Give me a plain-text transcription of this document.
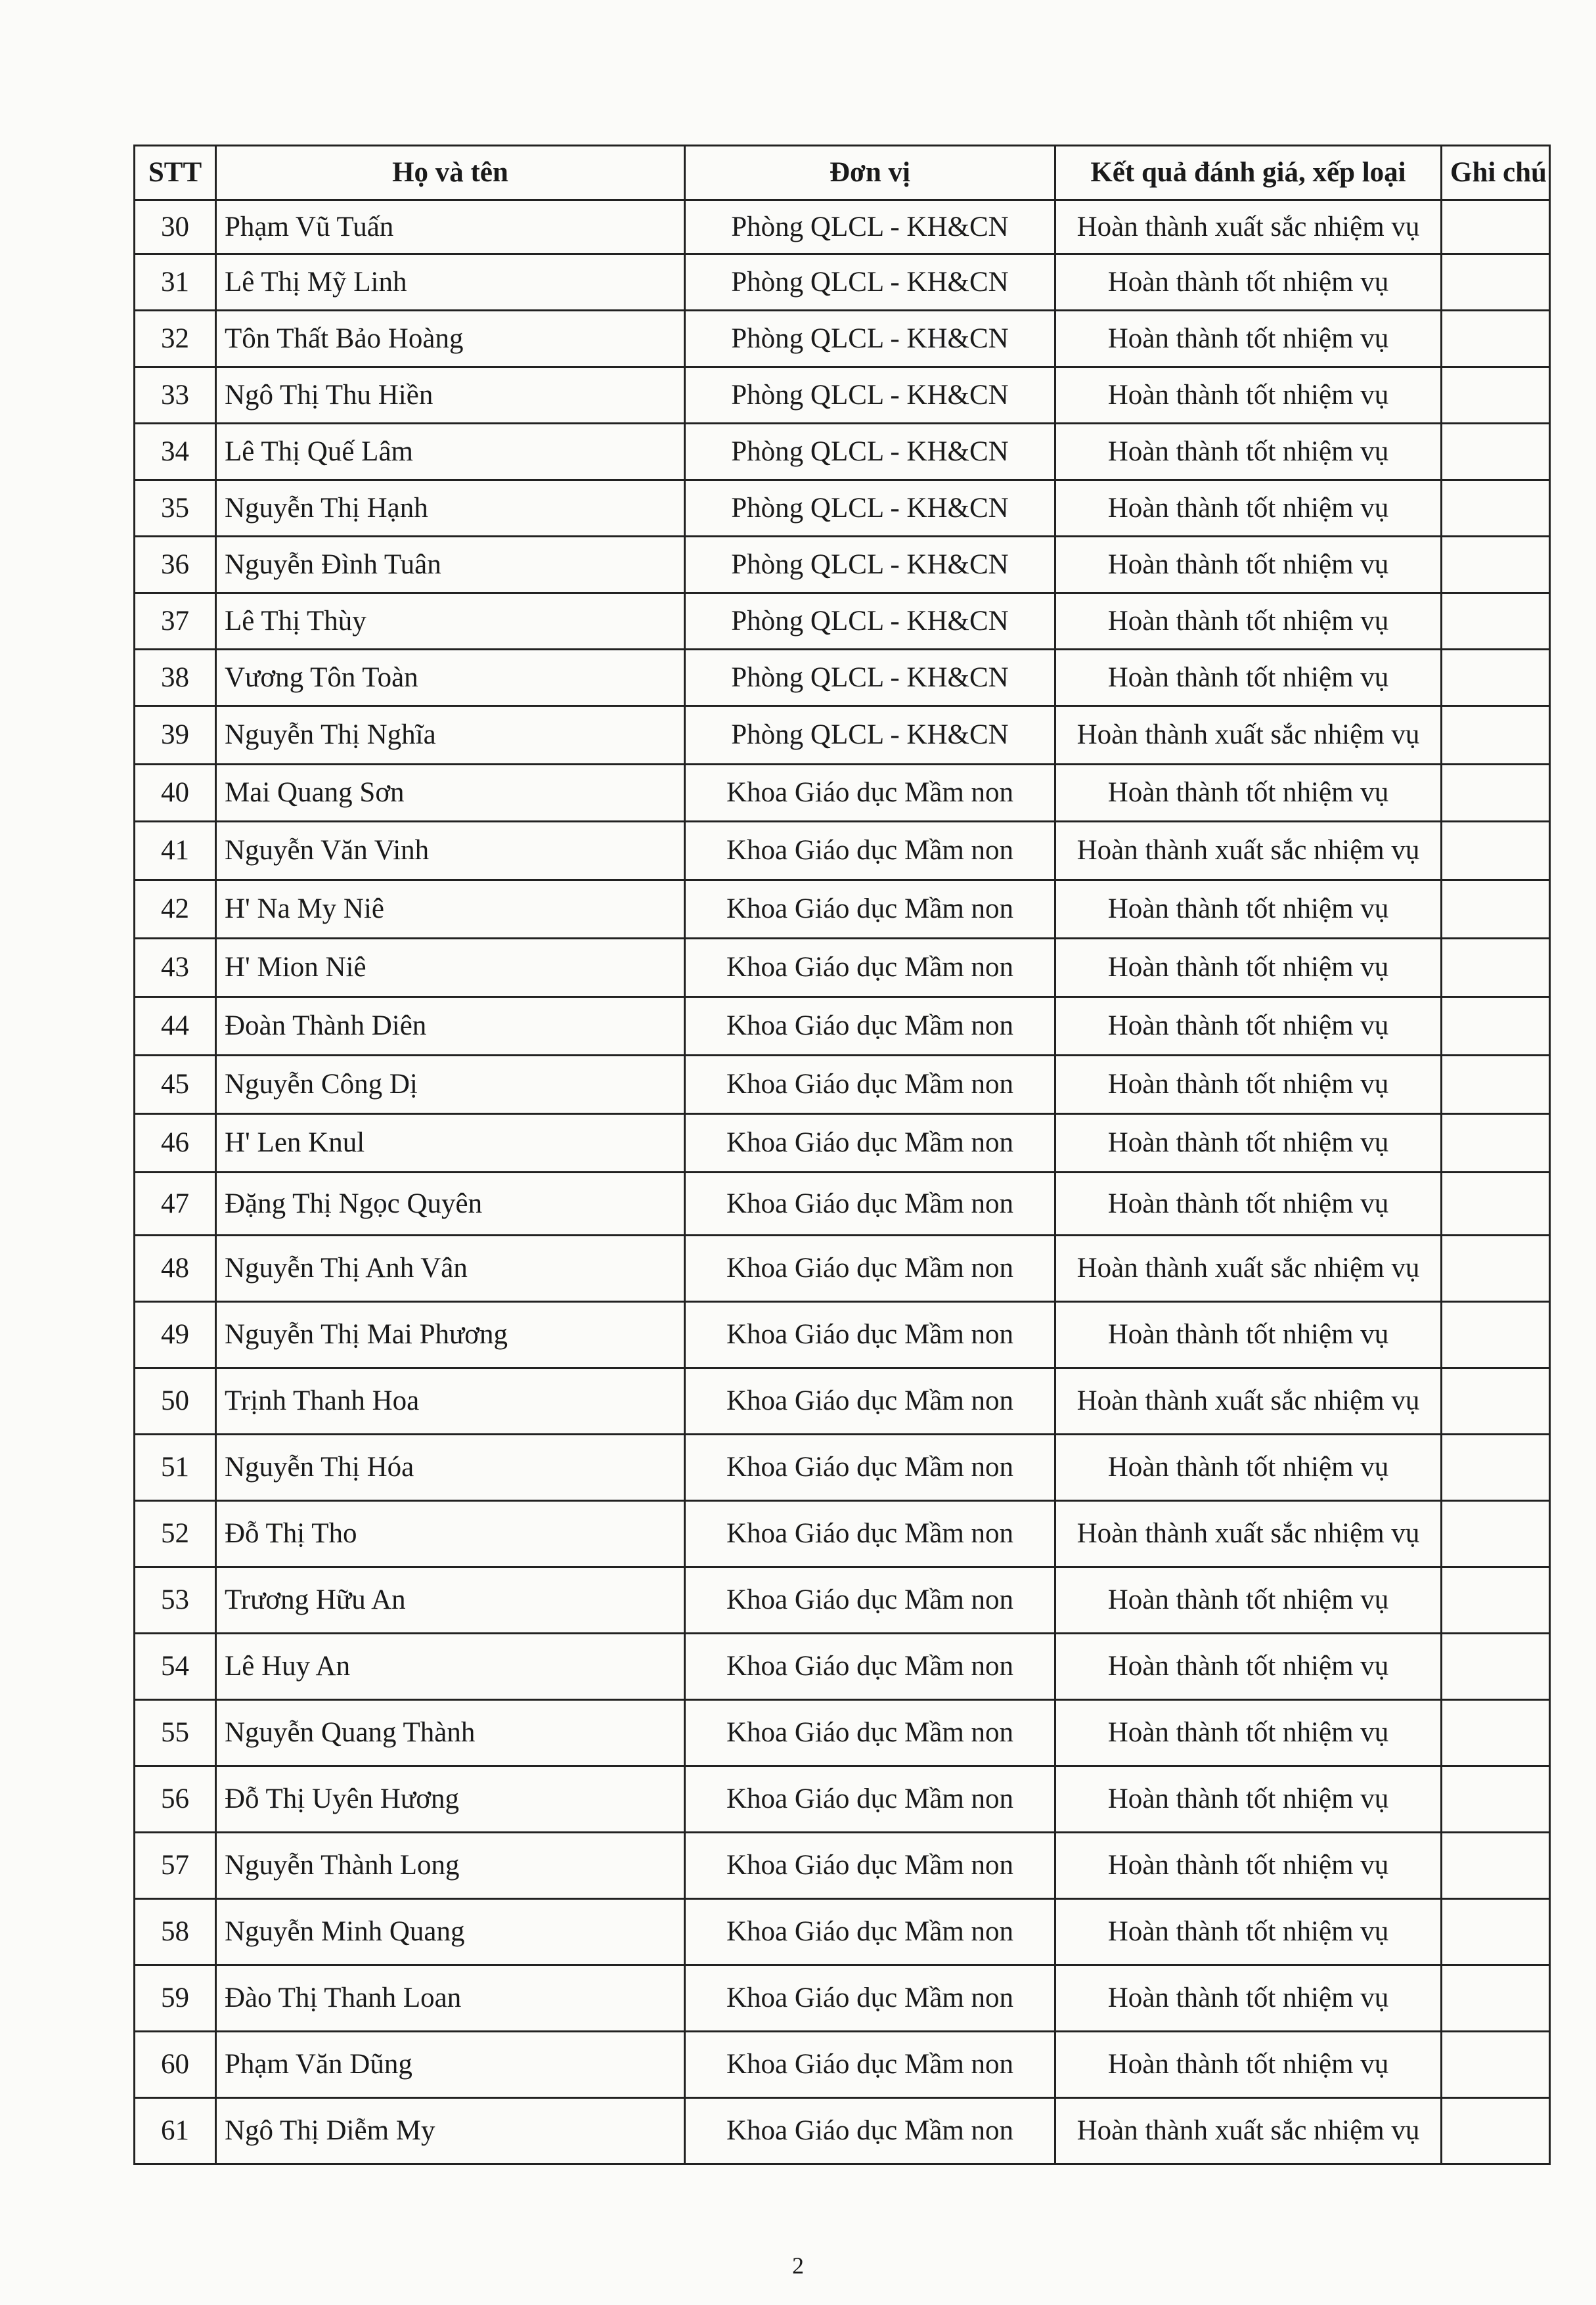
STT	Họ và tên	Đơn vị	Kết quả đánh giá, xếp loại	Ghi chú
30	Phạm Vũ Tuấn	Phòng QLCL - KH&CN	Hoàn thành xuất sắc nhiệm vụ	
31	Lê Thị Mỹ Linh	Phòng QLCL - KH&CN	Hoàn thành tốt nhiệm vụ	
32	Tôn Thất Bảo Hoàng	Phòng QLCL - KH&CN	Hoàn thành tốt nhiệm vụ	
33	Ngô Thị Thu Hiền	Phòng QLCL - KH&CN	Hoàn thành tốt nhiệm vụ	
34	Lê Thị Quế Lâm	Phòng QLCL - KH&CN	Hoàn thành tốt nhiệm vụ	
35	Nguyễn Thị Hạnh	Phòng QLCL - KH&CN	Hoàn thành tốt nhiệm vụ	
36	Nguyễn Đình Tuân	Phòng QLCL - KH&CN	Hoàn thành tốt nhiệm vụ	
37	Lê Thị Thùy	Phòng QLCL - KH&CN	Hoàn thành tốt nhiệm vụ	
38	Vương Tôn Toàn	Phòng QLCL - KH&CN	Hoàn thành tốt nhiệm vụ	
39	Nguyễn Thị Nghĩa	Phòng QLCL - KH&CN	Hoàn thành xuất sắc nhiệm vụ	
40	Mai Quang Sơn	Khoa Giáo dục Mầm non	Hoàn thành tốt nhiệm vụ	
41	Nguyễn Văn Vinh	Khoa Giáo dục Mầm non	Hoàn thành xuất sắc nhiệm vụ	
42	H' Na My Niê	Khoa Giáo dục Mầm non	Hoàn thành tốt nhiệm vụ	
43	H' Mion Niê	Khoa Giáo dục Mầm non	Hoàn thành tốt nhiệm vụ	
44	Đoàn Thành Diên	Khoa Giáo dục Mầm non	Hoàn thành tốt nhiệm vụ	
45	Nguyễn Công Dị	Khoa Giáo dục Mầm non	Hoàn thành tốt nhiệm vụ	
46	H' Len Knul	Khoa Giáo dục Mầm non	Hoàn thành tốt nhiệm vụ	
47	Đặng Thị Ngọc Quyên	Khoa Giáo dục Mầm non	Hoàn thành tốt nhiệm vụ	
48	Nguyễn Thị Anh Vân	Khoa Giáo dục Mầm non	Hoàn thành xuất sắc nhiệm vụ	
49	Nguyễn Thị Mai Phương	Khoa Giáo dục Mầm non	Hoàn thành tốt nhiệm vụ	
50	Trịnh Thanh Hoa	Khoa Giáo dục Mầm non	Hoàn thành xuất sắc nhiệm vụ	
51	Nguyễn Thị Hóa	Khoa Giáo dục Mầm non	Hoàn thành tốt nhiệm vụ	
52	Đỗ Thị Tho	Khoa Giáo dục Mầm non	Hoàn thành xuất sắc nhiệm vụ	
53	Trương Hữu An	Khoa Giáo dục Mầm non	Hoàn thành tốt nhiệm vụ	
54	Lê Huy An	Khoa Giáo dục Mầm non	Hoàn thành tốt nhiệm vụ	
55	Nguyễn Quang Thành	Khoa Giáo dục Mầm non	Hoàn thành tốt nhiệm vụ	
56	Đỗ Thị Uyên Hương	Khoa Giáo dục Mầm non	Hoàn thành tốt nhiệm vụ	
57	Nguyễn Thành Long	Khoa Giáo dục Mầm non	Hoàn thành tốt nhiệm vụ	
58	Nguyễn Minh Quang	Khoa Giáo dục Mầm non	Hoàn thành tốt nhiệm vụ	
59	Đào Thị Thanh Loan	Khoa Giáo dục Mầm non	Hoàn thành tốt nhiệm vụ	
60	Phạm Văn Dũng	Khoa Giáo dục Mầm non	Hoàn thành tốt nhiệm vụ	
61	Ngô Thị Diễm My	Khoa Giáo dục Mầm non	Hoàn thành xuất sắc nhiệm vụ	
2
